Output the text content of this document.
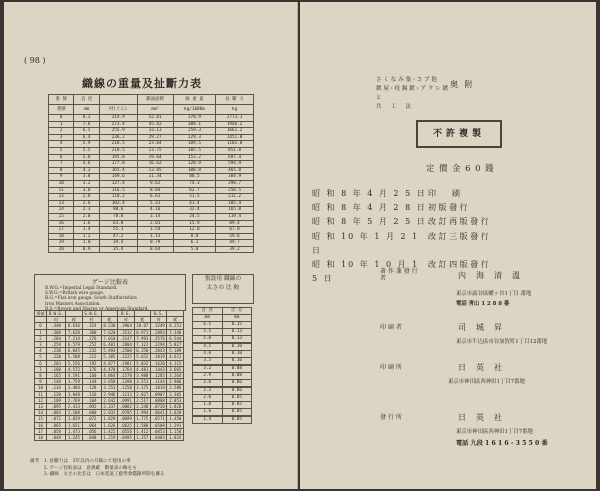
( 98 )
織線の重量及扯斷力表
番 號	直 徑		斷面面積	線 重 量	扯 斷 力
番號	mm	吋(ぐん)	mm²	kg/1000m	kg
0	8.2	314.9	52.81	370.9	2773.1
1	7.6	273.4	45.42	308.1	1946.2
2	6.5	255.9	33.13	259.3	1661.2
3	6.4	236.2	29.27	229.3	1451.0
4	5.9	218.5	23.64	189.5	1182.0
5	5.5	210.5	23.75	185.5	851.8
6	5.0	195.8	19.64	153.2	697.4
7	4.6	177.8	16.62	128.9	594.9
8	4.2	165.4	13.85	108.0	465.8
9	3.8	149.6	11.34	88.5	384.9
10	3.2	127.4	9.62	74.3	298.7
11	3.0	116.5	8.04	62.7	250.5
12	2.8	110.2	6.61	51.5	211.2
13	2.6	102.4	5.31	41.4	185.4
14	2.3	90.6	4.16	32.4	165.8
15	2.0	78.8	3.14	24.5	119.4
16	1.6	63.0	2.01	15.9	89.4
17	1.4	55.1	1.54	12.0	67.8
18	1.2	47.2	1.13	8.8	59.6
19	1.0	39.4	0.79	6.1	49.7
20	0.9	35.4	0.64	5.0	39.2
ゲージ比較表
B.W.G.=Imperial Legal Standard.
S.W.G.=British wire gauge.
B.G.=Flat iron gauge. South Staffordshire
Iron Masters Association.
B.S.=Brown and Sharps or American Standard.
番號	B.W.G.		S.W.G.		B.G.		B.S.	
	吋	粍	吋	粍	吋	粍	吋	粍
0	.340	8.636	.324	8.230	.3964	10.07	.3249	8.251
1	.300	7.620	.300	7.620	.3532	8.971	.2893	7.348
2	.284	7.214	.276	7.010	.3147	7.993	.2576	6.544
3	.259	6.579	.252	6.401	.2804	7.122	.2294	5.827
4	.238	6.045	.232	5.893	.2500	6.350	.2043	5.189
5	.220	5.588	.212	5.385	.2225	5.652	.1819	4.621
6	.203	5.156	.192	4.877	.1981	5.032	.1620	4.115
7	.180	4.572	.176	4.470	.1764	4.481	.1443	3.665
8	.165	4.191	.160	4.064	.1570	3.988	.1285	3.264
9	.148	3.759	.144	3.658	.1398	3.551	.1144	2.906
10	.134	3.404	.128	3.251	.1250	3.175	.1019	2.588
11	.120	3.048	.116	2.946	.1113	2.827	.0907	2.305
12	.109	2.769	.104	2.642	.0991	2.517	.0808	2.053
13	.095	2.413	.092	2.337	.0882	2.240	.0720	1.828
14	.083	2.108	.080	2.032	.0785	1.994	.0641	1.628
15	.072	1.829	.072	1.829	.0699	1.775	.0571	1.450
16	.065	1.651	.064	1.626	.0625	1.588	.0508	1.291
17	.058	1.473	.056	1.422	.0556	1.412	.0453	1.150
18	.049	1.245	.048	1.219	.0495	1.257	.0403	1.024
張設用 鐵線の
太さの 比 較
直 徑	比 差
mm	mm
6.5	0.15
5.5	0.13
5.0	0.13

4.5	0.10
4.0	0.10
3.5	0.10

3.2	0.08
2.9	0.08
2.6	0.06

2.3	0.06
2.0	0.05
1.8	0.05
1.6	0.05

1.4	0.05
備考　1. 扯斷力は　3年以内の月賦にて使用の事
　　　2. ゲージ比較表は　意義確　數值表の略をも
　　　3. 鐵線　太さの比差は　日本電氣工藝學會鑑錄所制を據る
さ く な み 張・コ プ 他
鍍 屋・疫 錫 鍍・ア ク レ 鍍
と
共 　 工 　 法
奥 附
不許複製
定 價 金 6 0 錢
昭 和 8 年 4 月 2 5 日 印　　刷
昭 和 8 年 4 月 2 8 日 初 版 發 行
昭 和 8 年 5 月 2 5 日 改 訂 再 版 發 行
昭 和 10 年 1 月 2 1 日
改 訂 三 版 發 行
昭 和 10 年 1 0 月 1 5 日
改 訂 四 版 發 行
著 作 兼 發 行 者	內海清溫
東京市澁谷區幡ヶ谷1丁目 番地
電話 靑山 1 2 8 8 番
印 刷 者	司城昇
東京市牛込區市谷加賀町1丁目12番地
印 刷 所	日英社
東京市神田區西神田1丁目7番地
發 行 所	日英社
東京市神田區西神田1丁目7番地
電話 九段 1 6 1 6 - 3 5 5 0 番
